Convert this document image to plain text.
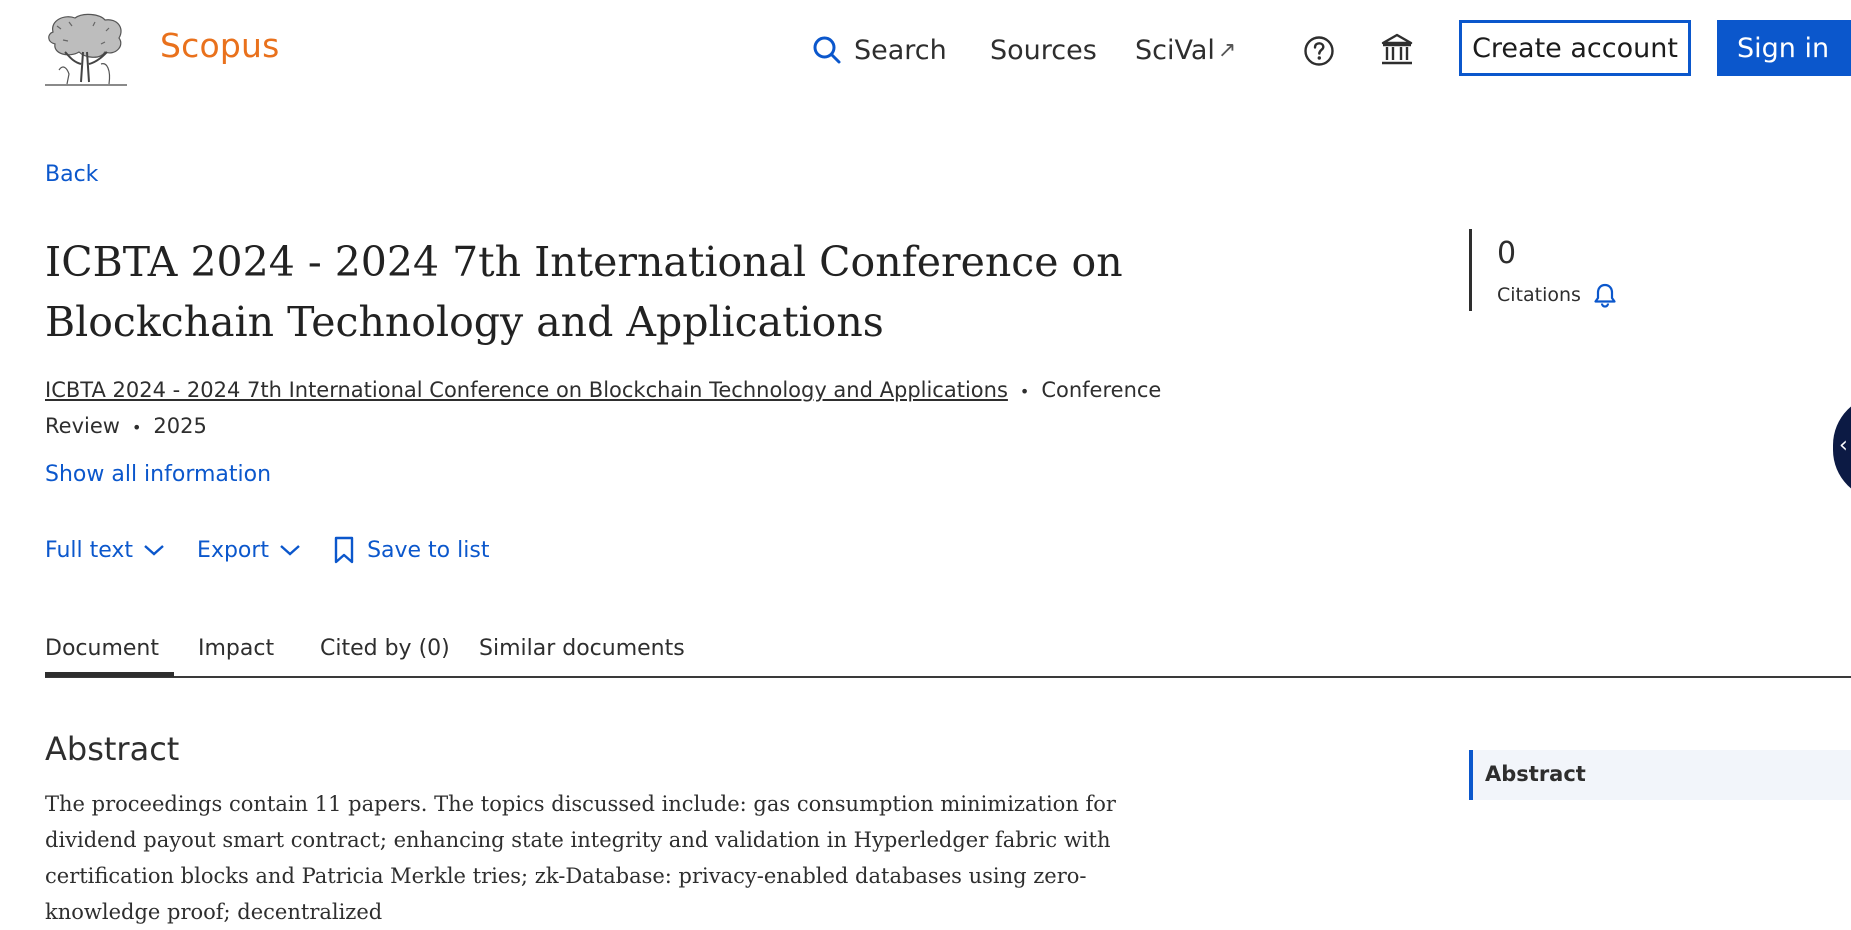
Scopus	Search Sources SciVal ↗	Create account	Sign in
Back
ICBTA 2024 - 2024 7th International Conference on Blockchain Technology and Applications
ICBTA 2024 - 2024 7th International Conference on Blockchain Technology and Applications • Conference
Review • 2025
Show all information
Full text	Export	Save to list
0
Citations
‹
Document Impact Cited by (0) Similar documents
Abstract

The proceedings contain 11 papers. The topics discussed include: gas consumption minimization for dividend payout smart contract; enhancing state integrity and validation in Hyperledger fabric with certification blocks and Patricia Merkle tries; zk-Database: privacy-enabled databases using zero-knowledge proof; decentralized

Abstract
